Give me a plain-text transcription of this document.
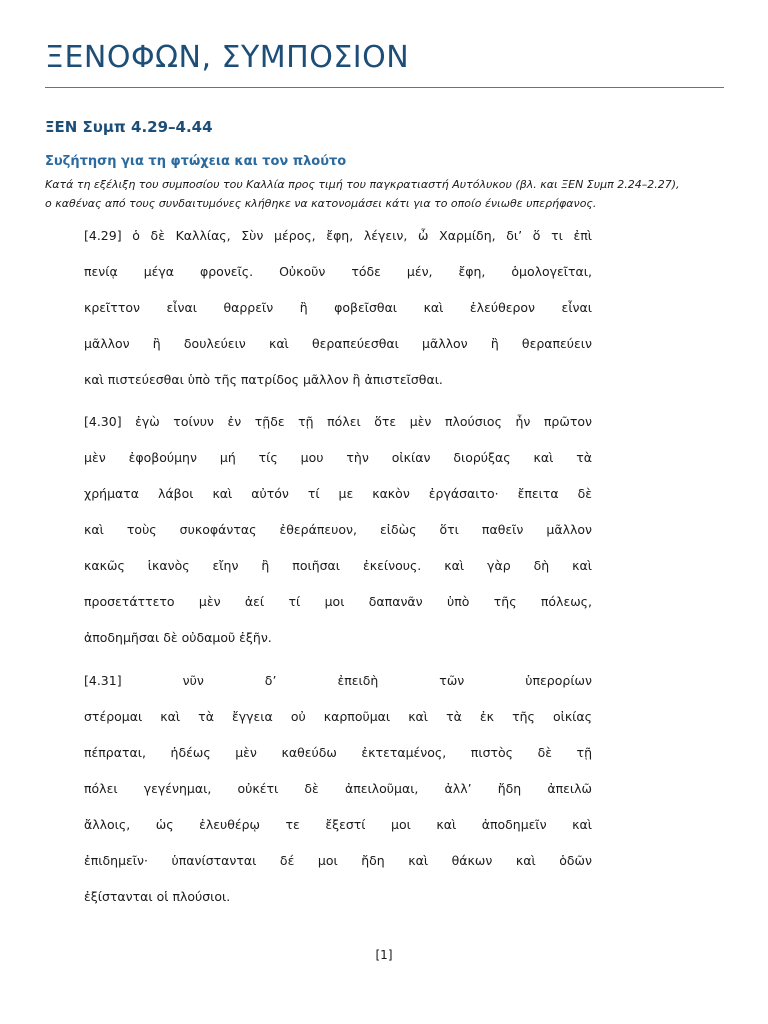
ΞΕΝΟΦΩΝ, ΣΥΜΠΟΣΙΟΝ
ΞΕΝ Συμπ 4.29–4.44
Συζήτηση για τη φτώχεια και τον πλούτο

Κατά τη εξέλιξη του συμποσίου του Καλλία προς τιμή του παγκρατιαστή Αυτόλυκου (βλ. και ΞΕΝ Συμπ 2.24–2.27),
ο καθένας από τους συνδαιτυμόνες κλήθηκε να κατονομάσει κάτι για το οποίο ένιωθε υπερήφανος.

[4.29] ὁ δὲ Καλλίας, Σὺν μέρος, ἔφη, λέγειν, ὦ Χαρμίδη, δι’ ὅ τι ἐπὶ
πενίᾳ μέγα φρονεῖς. Οὐκοῦν τόδε μέν, ἔφη, ὁμολογεῖται,
κρεῖττον εἶναι θαρρεῖν ἢ φοβεῖσθαι καὶ ἐλεύθερον εἶναι
μᾶλλον ἢ δουλεύειν καὶ θεραπεύεσθαι μᾶλλον ἢ θεραπεύειν
καὶ πιστεύεσθαι ὑπὸ τῆς πατρίδος μᾶλλον ἢ ἀπιστεῖσθαι.
[4.30] ἐγὼ τοίνυν ἐν τῇδε τῇ πόλει ὅτε μὲν πλούσιος ἦν πρῶτον
μὲν ἐφοβούμην μή τίς μου τὴν οἰκίαν διορύξας καὶ τὰ
χρήματα λάβοι καὶ αὐτόν τί με κακὸν ἐργάσαιτο· ἔπειτα δὲ
καὶ τοὺς συκοφάντας ἐθεράπευον, εἰδὼς ὅτι παθεῖν μᾶλλον
κακῶς ἱκανὸς εἴην ἢ ποιῆσαι ἐκείνους. καὶ γὰρ δὴ καὶ
προσετάττετο μὲν ἀεί τί μοι δαπανᾶν ὑπὸ τῆς πόλεως,
ἀποδημῆσαι δὲ οὐδαμοῦ ἐξῆν.
[4.31] νῦν δ’ ἐπειδὴ τῶν ὑπερορίων
στέρομαι καὶ τὰ ἔγγεια οὐ καρποῦμαι καὶ τὰ ἐκ τῆς οἰκίας
πέπραται, ἡδέως μὲν καθεύδω ἐκτεταμένος, πιστὸς δὲ τῇ
πόλει γεγένημαι, οὐκέτι δὲ ἀπειλοῦμαι, ἀλλ’ ἤδη ἀπειλῶ
ἄλλοις, ὡς ἐλευθέρῳ τε ἔξεστί μοι καὶ ἀποδημεῖν καὶ
ἐπιδημεῖν· ὑπανίστανται δέ μοι ἤδη καὶ θάκων καὶ ὁδῶν
ἐξίστανται οἱ πλούσιοι.
[1]
